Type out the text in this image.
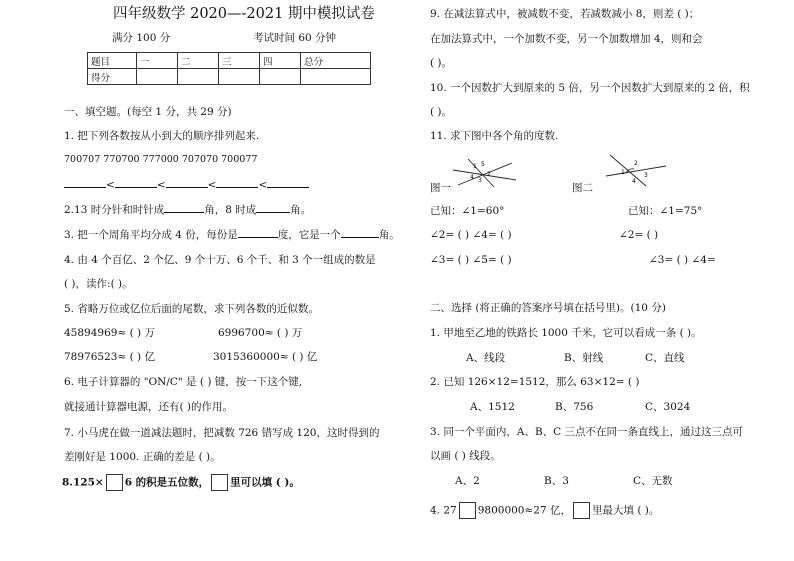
四年级数学 2020—-2021 期中模拟试卷
满分 100 分	考试时间 60 分钟
题目	一	二	三	四	总分
得分					
一、填空题。(每空 1 分，共 29 分)
1. 把下列各数按从小到大的顺序排列起来.
700707 770700 777000 707070 700077
<	<	<	<
2.13 时分针和时针成	角，8 时成	角。
3. 把一个周角平均分成 4 份，每份是	度，它是一个	角。
4. 由 4 个百亿、2 个亿、9 个十万、6 个千、和 3 个一组成的数是
( )，读作:( )。
5. 省略万位或亿位后面的尾数，求下列各数的近似数。
45894969≈ ( ) 万	6996700≈ ( ) 万
78976523≈ ( ) 亿	3015360000≈ ( ) 亿
6. 电子计算器的 "ON/C" 是 ( ) 键，按一下这个键,
就接通计算器电源，还有( )的作用。
7. 小马虎在做一道减法题时，把减数 726 错写成 120，这时得到的
差刚好是 1000. 正确的差是 ( )。
8.125× 6 的积是五位数， 里可以填 ( )。
9. 在减法算式中，被减数不变，若减数减小 8，则差 ( )；
在加法算式中，一个加数不变，另一个加数增加 4，则和会
( )。
10. 一个因数扩大到原来的 5 倍，另一个因数扩大到原来的 2 倍，积
( )。
11. 求下图中各个角的度数.
1 5
2
3
4
图一
1
2
3
4
图二
已知：∠1=60°	已知：∠1=75°
∠2= ( ) ∠4= ( )	∠2= ( )
∠3= ( ) ∠5= ( )	∠3= ( ) ∠4=
二、选择 (将正确的答案序号填在括号里)。(10 分)
1. 甲地至乙地的铁路长 1000 千米，它可以看成一条 ( )。
A、线段	B、射线	C、直线
2. 已知 126×12=1512，那么 63×12= ( )
A、1512	B、756	C、3024
3. 同一个平面内，A、B、C 三点不在同一条直线上，通过这三点可
以画 ( ) 线段。
A、2	B、3	C、无数
4. 27 9800000≈27 亿， 里最大填 ( )。
